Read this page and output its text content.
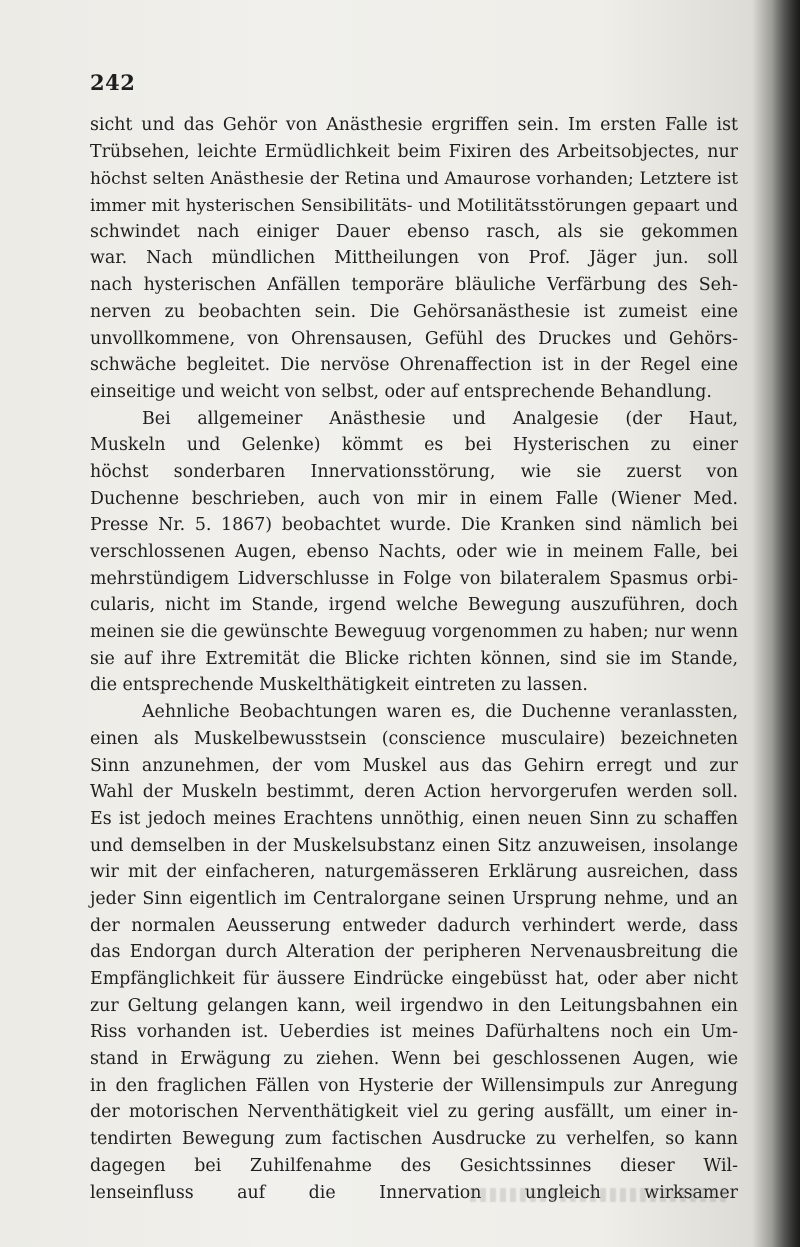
242
sicht und das Gehör von Anästhesie ergriffen sein. Im ersten Falle ist
Trübsehen, leichte Ermüdlichkeit beim Fixiren des Arbeitsobjectes, nur
höchst selten Anästhesie der Retina und Amaurose vorhanden; Letztere ist
immer mit hysterischen Sensibilitäts- und Motilitätsstörungen gepaart und
schwindet nach einiger Dauer ebenso rasch, als sie gekommen
war. Nach mündlichen Mittheilungen von Prof. Jäger jun. soll
nach hysterischen Anfällen temporäre bläuliche Verfärbung des Seh-
nerven zu beobachten sein. Die Gehörsanästhesie ist zumeist eine
unvollkommene, von Ohrensausen, Gefühl des Druckes und Gehörs-
schwäche begleitet. Die nervöse Ohrenaffection ist in der Regel eine
einseitige und weicht von selbst, oder auf entsprechende Behandlung.
Bei allgemeiner Anästhesie und Analgesie (der Haut,
Muskeln und Gelenke) kömmt es bei Hysterischen zu einer
höchst sonderbaren Innervationsstörung, wie sie zuerst von
Duchenne beschrieben, auch von mir in einem Falle (Wiener Med.
Presse Nr. 5. 1867) beobachtet wurde. Die Kranken sind nämlich bei
verschlossenen Augen, ebenso Nachts, oder wie in meinem Falle, bei
mehrstündigem Lidverschlusse in Folge von bilateralem Spasmus orbi-
cularis, nicht im Stande, irgend welche Bewegung auszuführen, doch
meinen sie die gewünschte Beweguug vorgenommen zu haben; nur wenn
sie auf ihre Extremität die Blicke richten können, sind sie im Stande,
die entsprechende Muskelthätigkeit eintreten zu lassen.
Aehnliche Beobachtungen waren es, die Duchenne veranlassten,
einen als Muskelbewusstsein (conscience musculaire) bezeichneten
Sinn anzunehmen, der vom Muskel aus das Gehirn erregt und zur
Wahl der Muskeln bestimmt, deren Action hervorgerufen werden soll.
Es ist jedoch meines Erachtens unnöthig, einen neuen Sinn zu schaffen
und demselben in der Muskelsubstanz einen Sitz anzuweisen, insolange
wir mit der einfacheren, naturgemässeren Erklärung ausreichen, dass
jeder Sinn eigentlich im Centralorgane seinen Ursprung nehme, und an
der normalen Aeusserung entweder dadurch verhindert werde, dass
das Endorgan durch Alteration der peripheren Nervenausbreitung die
Empfänglichkeit für äussere Eindrücke eingebüsst hat, oder aber nicht
zur Geltung gelangen kann, weil irgendwo in den Leitungsbahnen ein
Riss vorhanden ist. Ueberdies ist meines Dafürhaltens noch ein Um-
stand in Erwägung zu ziehen. Wenn bei geschlossenen Augen, wie
in den fraglichen Fällen von Hysterie der Willensimpuls zur Anregung
der motorischen Nerventhätigkeit viel zu gering ausfällt, um einer in-
tendirten Bewegung zum factischen Ausdrucke zu verhelfen, so kann
dagegen bei Zuhilfenahme des Gesichtssinnes dieser Wil-
lenseinfluss auf die Innervation ungleich wirksamer
